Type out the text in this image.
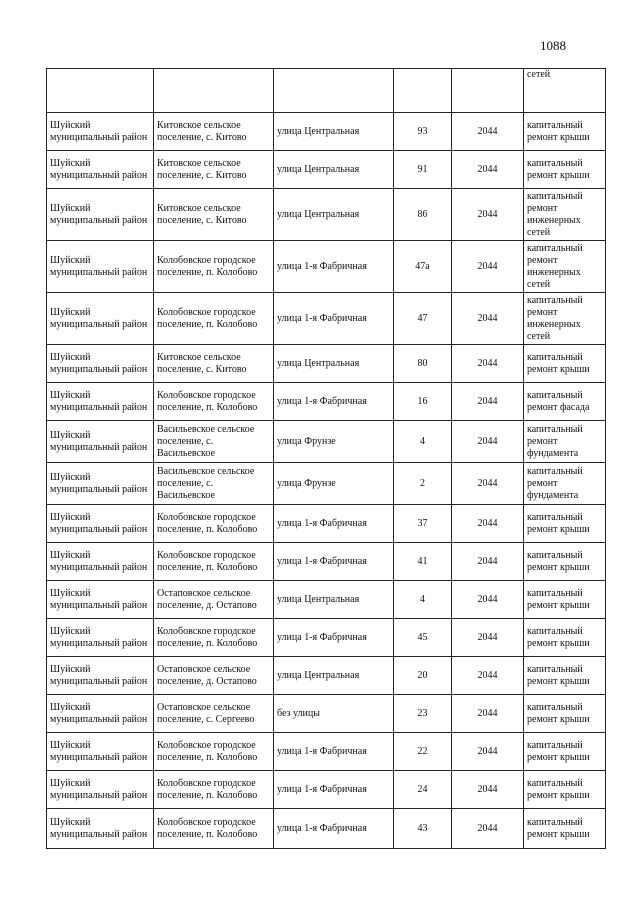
1088
					сетей
Шуйский муниципальный район	Китовское сельское поселение, с. Китово	улица Центральная	93	2044	капитальный ремонт крыши
Шуйский муниципальный район	Китовское сельское поселение, с. Китово	улица Центральная	91	2044	капитальный ремонт крыши
Шуйский муниципальный район	Китовское сельское поселение, с. Китово	улица Центральная	86	2044	капитальный ремонт инженерных сетей
Шуйский муниципальный район	Колобовское городское поселение, п. Колобово	улица 1-я Фабричная	47а	2044	капитальный ремонт инженерных сетей
Шуйский муниципальный район	Колобовское городское поселение, п. Колобово	улица 1-я Фабричная	47	2044	капитальный ремонт инженерных сетей
Шуйский муниципальный район	Китовское сельское поселение, с. Китово	улица Центральная	80	2044	капитальный ремонт крыши
Шуйский муниципальный район	Колобовское городское поселение, п. Колобово	улица 1-я Фабричная	16	2044	капитальный ремонт фасада
Шуйский муниципальный район	Васильевское сельское поселение, с. Васильевское	улица Фрунзе	4	2044	капитальный ремонт фундамента
Шуйский муниципальный район	Васильевское сельское поселение, с. Васильевское	улица Фрунзе	2	2044	капитальный ремонт фундамента
Шуйский муниципальный район	Колобовское городское поселение, п. Колобово	улица 1-я Фабричная	37	2044	капитальный ремонт крыши
Шуйский муниципальный район	Колобовское городское поселение, п. Колобово	улица 1-я Фабричная	41	2044	капитальный ремонт крыши
Шуйский муниципальный район	Остаповское сельское поселение, д. Остапово	улица Центральная	4	2044	капитальный ремонт крыши
Шуйский муниципальный район	Колобовское городское поселение, п. Колобово	улица 1-я Фабричная	45	2044	капитальный ремонт крыши
Шуйский муниципальный район	Остаповское сельское поселение, д. Остапово	улица Центральная	20	2044	капитальный ремонт крыши
Шуйский муниципальный район	Остаповское сельское поселение, с. Сергеево	без улицы	23	2044	капитальный ремонт крыши
Шуйский муниципальный район	Колобовское городское поселение, п. Колобово	улица 1-я Фабричная	22	2044	капитальный ремонт крыши
Шуйский муниципальный район	Колобовское городское поселение, п. Колобово	улица 1-я Фабричная	24	2044	капитальный ремонт крыши
Шуйский муниципальный район	Колобовское городское поселение, п. Колобово	улица 1-я Фабричная	43	2044	капитальный ремонт крыши
